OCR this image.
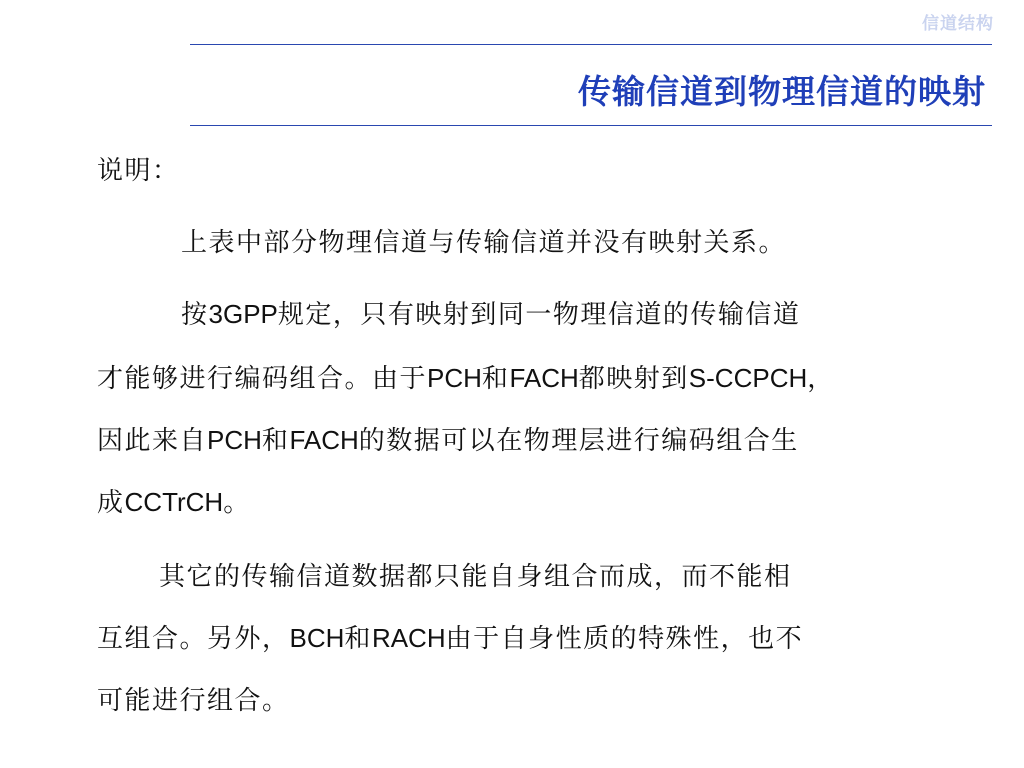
信道结构
传输信道到物理信道的映射
说明：
上表中部分物理信道与传输信道并没有映射关系。
按3GPP规定，只有映射到同一物理信道的传输信道
才能够进行编码组合。由于PCH和FACH都映射到S-CCPCH，
因此来自PCH和FACH的数据可以在物理层进行编码组合生
成CCTrCH。
其它的传输信道数据都只能自身组合而成，而不能相
互组合。另外，BCH和RACH由于自身性质的特殊性，也不
可能进行组合。
